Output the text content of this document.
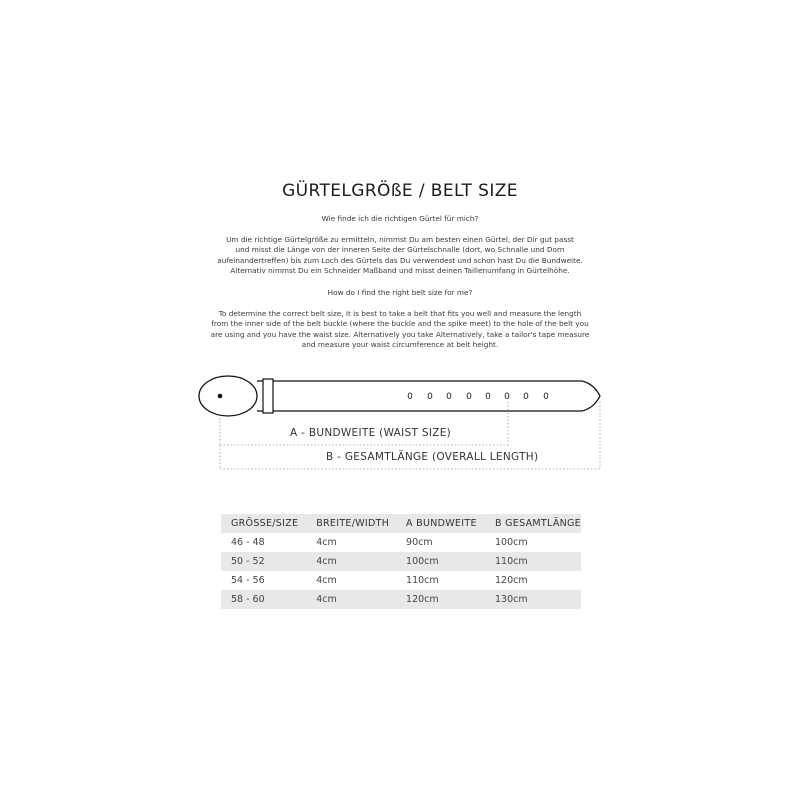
GÜRTELGRÖßE / BELT SIZE
Wie finde ich die richtigen Gürtel für mich?
Um die richtige Gürtelgröße zu ermitteln, nimmst Du am besten einen Gürtel, der Dir gut passt
und misst die Länge von der inneren Seite der Gürtelschnalle (dort, wo Schnalle und Dorn
aufeinandertreffen) bis zum Loch des Gürtels das Du verwendest und schon hast Du die Bundweite.
Alternativ nimmst Du ein Schneider Maßband und misst deinen Taillenumfang in Gürtelhöhe.
How do I find the right belt size for me?
To determine the correct belt size, it is best to take a belt that fits you well and measure the length
from the inner side of the belt buckle (where the buckle and the spike meet) to the hole of the belt you
are using and you have the waist size. Alternatively you take Alternatively, take a tailor's tape measure
and measure your waist circumference at belt height.
0 0 0 0 0 0 0 0
A - BUNDWEITE (WAIST SIZE)
B - GESAMTLÄNGE (OVERALL LENGTH)
GRÖSSE/SIZE	BREITE/WIDTH	A BUNDWEITE	B GESAMTLÄNGE
46 - 48	4cm	90cm	100cm
50 - 52	4cm	100cm	110cm
54 - 56	4cm	110cm	120cm
58 - 60	4cm	120cm	130cm
